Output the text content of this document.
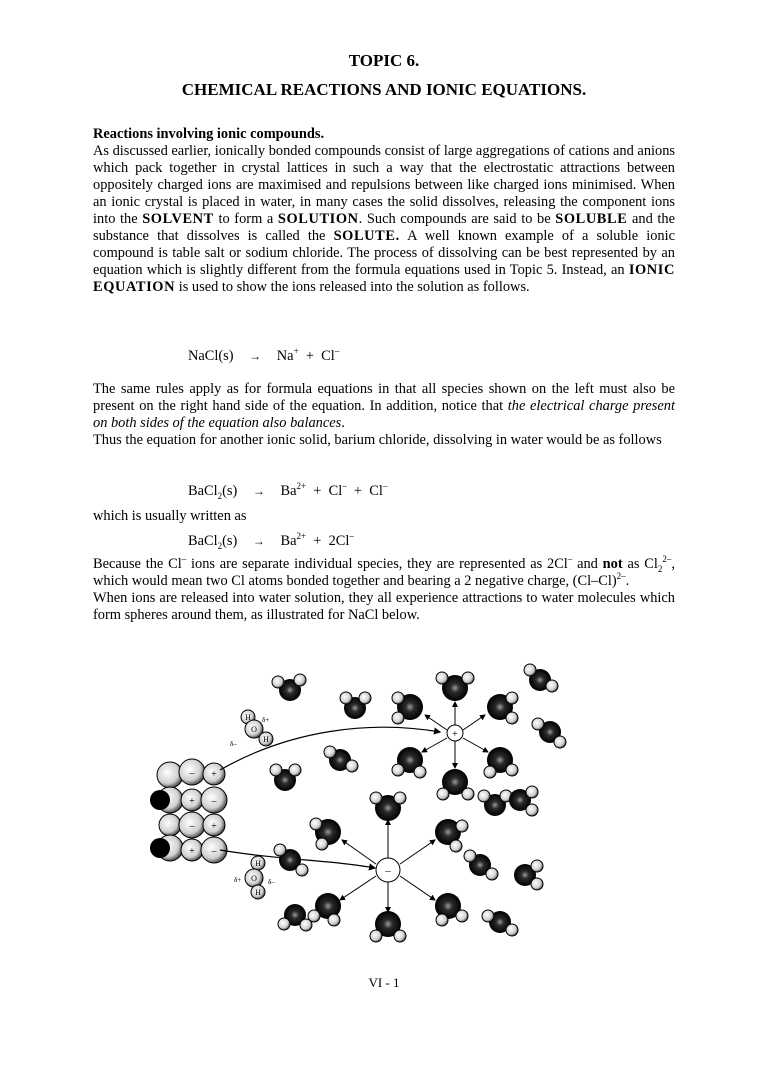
TOPIC 6.
CHEMICAL REACTIONS AND IONIC EQUATIONS.
Reactions involving ionic compounds.
As discussed earlier, ionically bonded compounds consist of large aggregations of cations and anions which pack together in crystal lattices in such a way that the electrostatic attractions between oppositely charged ions are maximised and repulsions between like charged ions minimised. When an ionic crystal is placed in water, in many cases the solid dissolves, releasing the component ions into the SOLVENT to form a SOLUTION. Such compounds are said to be SOLUBLE and the substance that dissolves is called the SOLUTE. A well known example of a soluble ionic compound is table salt or sodium chloride. The process of dissolving can be best represented by an equation which is slightly different from the formula equations used in Topic 5. Instead, an IONIC EQUATION is used to show the ions released into the solution as follows.
NaCl(s) → Na+ + Cl–
The same rules apply as for formula equations in that all species shown on the left must also be present on the right hand side of the equation. In addition, notice that the electrical charge present on both sides of the equation also balances.
Thus the equation for another ionic solid, barium chloride, dissolving in water would be as follows
BaCl$_2$(s) → $Ba^{2+} + Cl^- + Cl^-$
which is usually written as
BaCl$_2$(s) → $Ba^{2+} + 2Cl^-$
Because the Cl– ions are separate individual species, they are represented as 2Cl– and not as $Cl_2^{2-}$, which would mean two Cl atoms bonded together and bearing a 2 negative charge, $(Cl-Cl)^{2-}$.
When ions are released into water solution, they all experience attractions to water molecules which form spheres around them, as illustrated for NaCl below.
– +
+ –
– +
+ –
H
O
H
δ+
δ–
H
O
H
δ+	δ–
+
–
VI - 1
